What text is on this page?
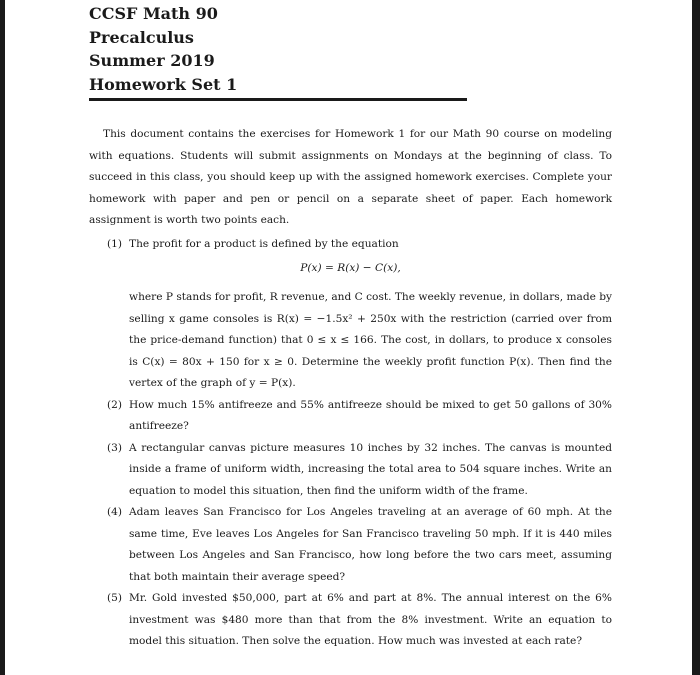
CCSF Math 90
Precalculus
Summer 2019
Homework Set 1
This document contains the exercises for Homework 1 for our Math 90 course on modeling with equations. Students will submit assignments on Mondays at the beginning of class. To succeed in this class, you should keep up with the assigned homework exercises. Complete your homework with paper and pen or pencil on a separate sheet of paper. Each homework assignment is worth two points each.
(1) The profit for a product is defined by the equation
P(x) = R(x) − C(x),
where P stands for profit, R revenue, and C cost. The weekly revenue, in dollars, made by selling x game consoles is R(x) = −1.5x² + 250x with the restriction (carried over from the price-demand function) that 0 ≤ x ≤ 166. The cost, in dollars, to produce x consoles is C(x) = 80x + 150 for x ≥ 0. Determine the weekly profit function P(x). Then find the vertex of the graph of y = P(x).
(2) How much 15% antifreeze and 55% antifreeze should be mixed to get 50 gallons of 30% antifreeze?
(3) A rectangular canvas picture measures 10 inches by 32 inches. The canvas is mounted inside a frame of uniform width, increasing the total area to 504 square inches. Write an equation to model this situation, then find the uniform width of the frame.
(4) Adam leaves San Francisco for Los Angeles traveling at an average of 60 mph. At the same time, Eve leaves Los Angeles for San Francisco traveling 50 mph. If it is 440 miles between Los Angeles and San Francisco, how long before the two cars meet, assuming that both maintain their average speed?
(5) Mr. Gold invested $50,000, part at 6% and part at 8%. The annual interest on the 6% investment was $480 more than that from the 8% investment. Write an equation to model this situation. Then solve the equation. How much was invested at each rate?
